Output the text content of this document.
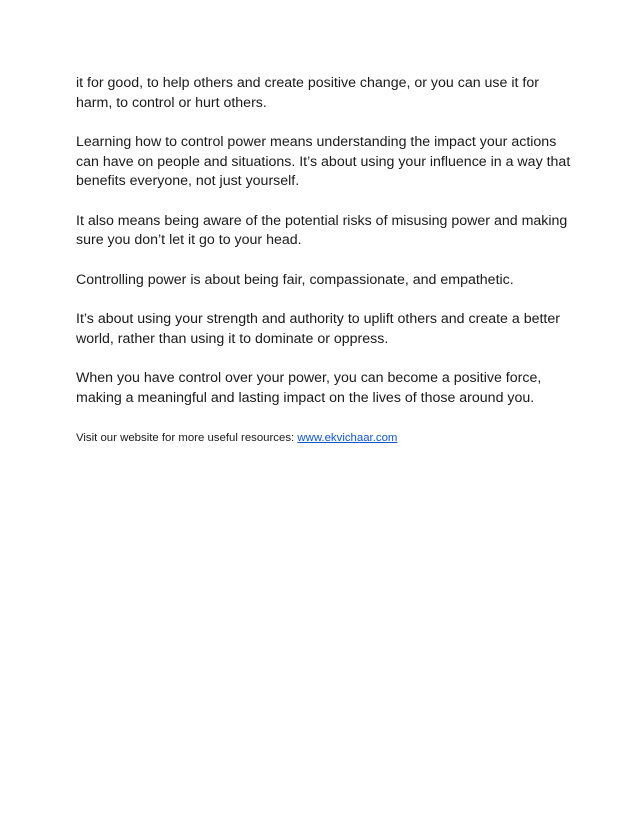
it for good, to help others and create positive change, or you can use it for harm, to control or hurt others.

Learning how to control power means understanding the impact your actions can have on people and situations. It’s about using your influence in a way that benefits everyone, not just yourself.

It also means being aware of the potential risks of misusing power and making sure you don’t let it go to your head.

Controlling power is about being fair, compassionate, and empathetic.

It’s about using your strength and authority to uplift others and create a better world, rather than using it to dominate or oppress.

When you have control over your power, you can become a positive force, making a meaningful and lasting impact on the lives of those around you.

Visit our website for more useful resources: www.ekvichaar.com
